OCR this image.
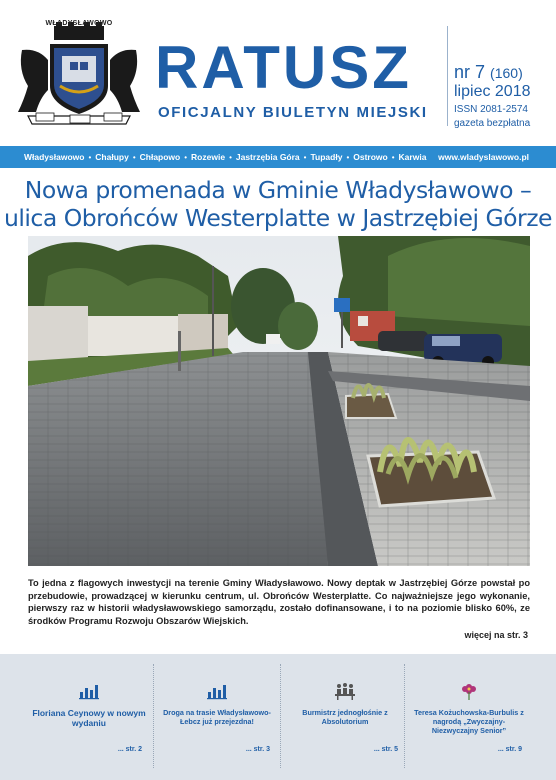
WŁADYSŁAWOWO
RATUSZ
OFICJALNY BIULETYN MIEJSKI
nr 7 (160)
lipiec 2018
ISSN 2081-2574
gazeta bezpłatna
Władysławowo • Chałupy • Chłapowo • Rozewie • Jastrzębia Góra • Tupadły • Ostrowo • Karwia www.wladyslawowo.pl
Nowa promenada w Gminie Władysławowo –
ulica Obrońców Westerplatte w Jastrzębiej Górze
To jedna z flagowych inwestycji na terenie Gminy Władysławowo. Nowy deptak w Jastrzębiej Górze powstał po przebudowie, prowadzącej w kierunku centrum, ul. Obrońców Westerplatte. Co najważniejsze jego wykonanie, pierwszy raz w historii władysławowskiego samorządu, zostało dofinansowane, i to na poziomie blisko 60%, ze środków Programu Rozwoju Obszarów Wiejskich.
więcej na str. 3
Floriana Ceynowy w nowym wydaniu
... str. 2
Droga na trasie Władysławowo-Łebcz już przejezdna!
... str. 3
Burmistrz jednogłośnie z Absolutorium
... str. 5
Teresa Kożuchowska-Burbulis z nagrodą „Zwyczajny-Niezwyczajny Senior”
... str. 9
